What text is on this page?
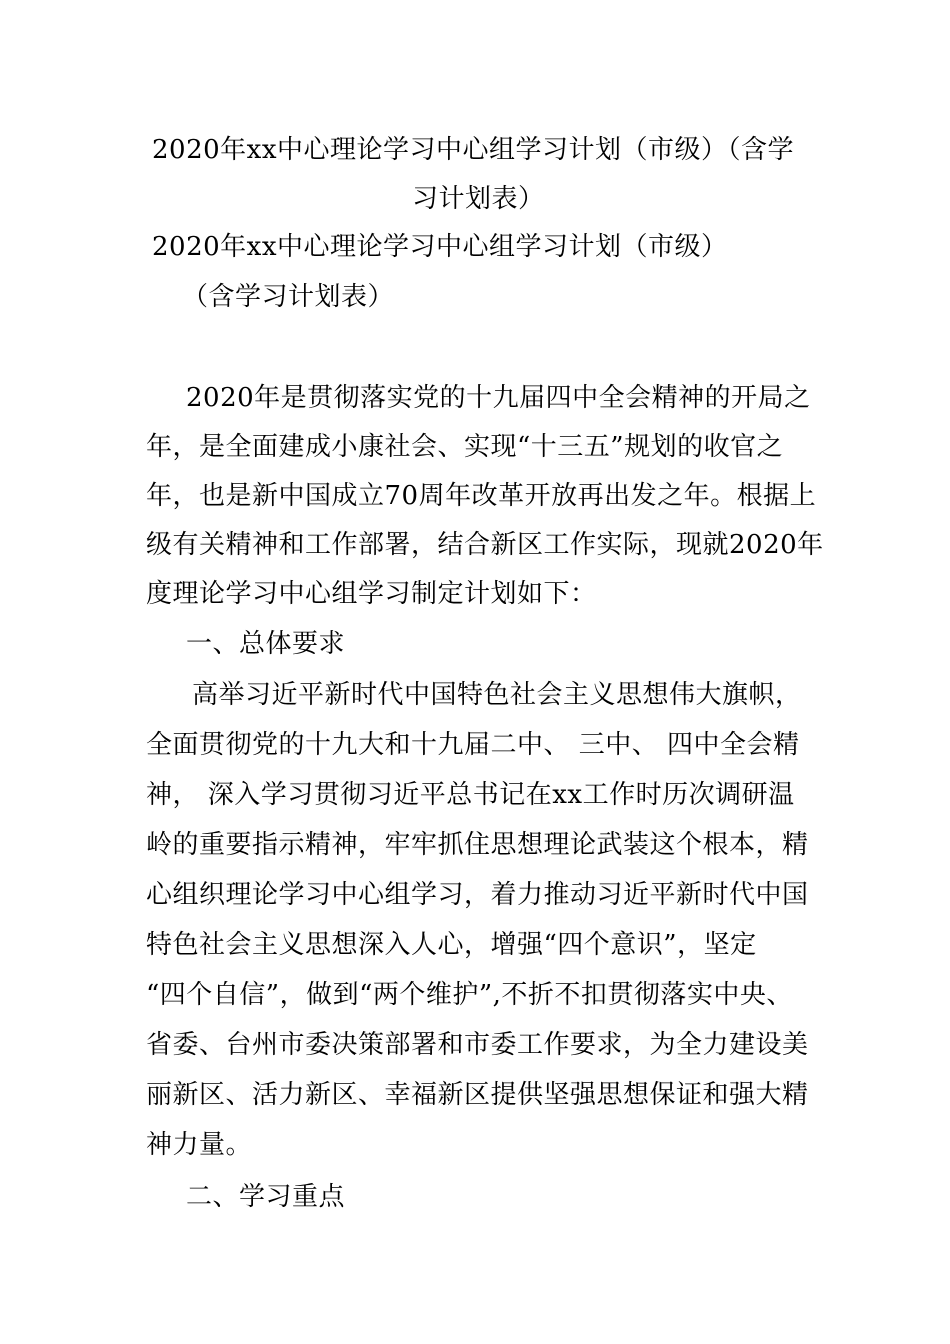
2020年xx中心理论学习中心组学习计划（市级）（含学
习计划表）
2020年xx中心理论学习中心组学习计划（市级）
（含学习计划表）
2020年是贯彻落实党的十九届四中全会精神的开局之
年，是全面建成小康社会、实现“十三五”规划的收官之
年，也是新中国成立70周年改革开放再出发之年。根据上
级有关精神和工作部署，结合新区工作实际，现就2020年
度理论学习中心组学习制定计划如下：
一、总体要求
高举习近平新时代中国特色社会主义思想伟大旗帜，
全面贯彻党的十九大和十九届二中、 三中、 四中全会精
神， 深入学习贯彻习近平总书记在xx工作时历次调研温
岭的重要指示精神，牢牢抓住思想理论武装这个根本，精
心组织理论学习中心组学习，着力推动习近平新时代中国
特色社会主义思想深入人心，增强“四个意识”，坚定
“四个自信”，做到“两个维护”,不折不扣贯彻落实中央、
省委、台州市委决策部署和市委工作要求，为全力建设美
丽新区、活力新区、幸福新区提供坚强思想保证和强大精
神力量。
二、学习重点
